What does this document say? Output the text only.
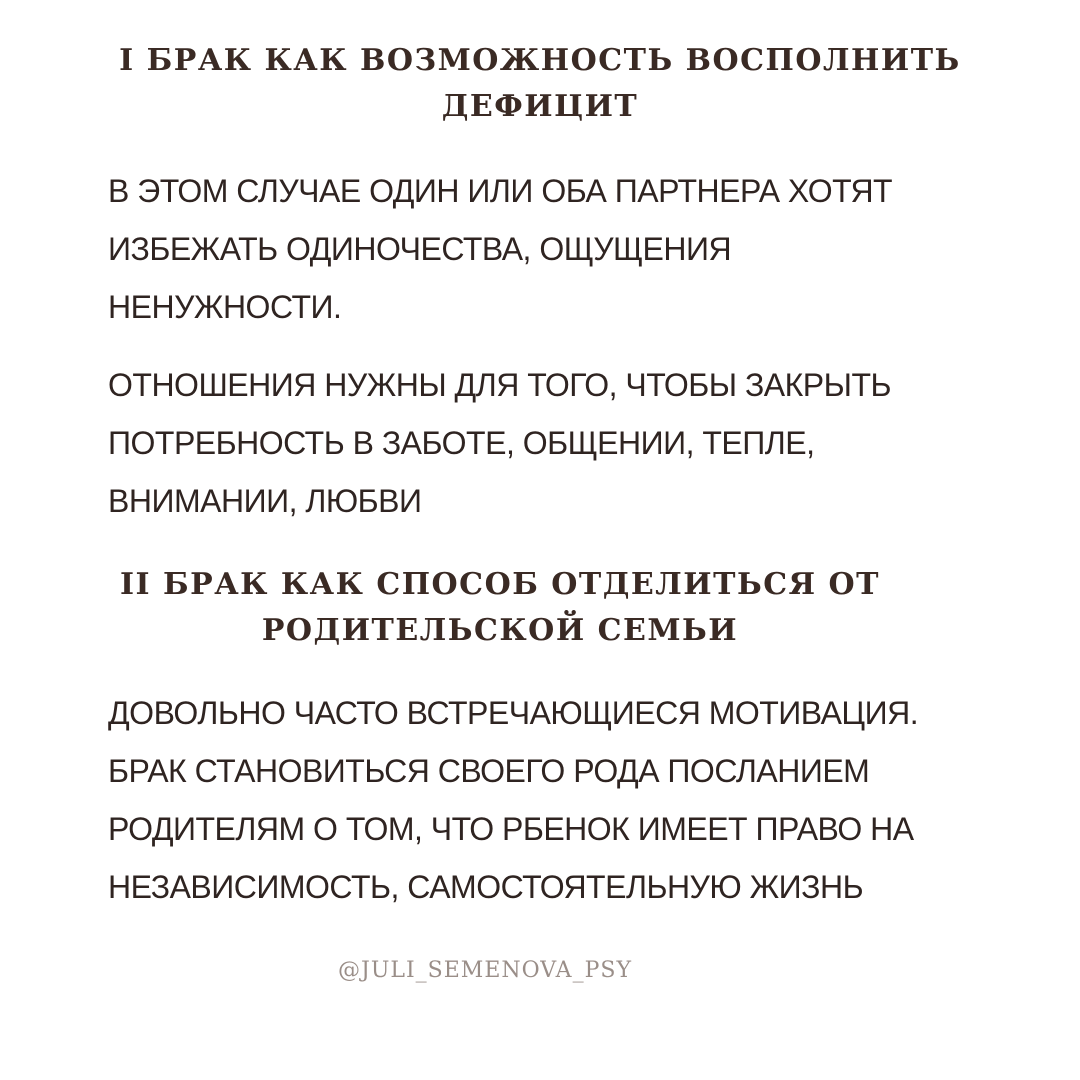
I БРАК КАК ВОЗМОЖНОСТЬ ВОСПОЛНИТЬ
ДЕФИЦИТ

В ЭТОМ СЛУЧАЕ ОДИН ИЛИ ОБА ПАРТНЕРА ХОТЯТ
ИЗБЕЖАТЬ ОДИНОЧЕСТВА, ОЩУЩЕНИЯ
НЕНУЖНОСТИ.

ОТНОШЕНИЯ НУЖНЫ ДЛЯ ТОГО, ЧТОБЫ ЗАКРЫТЬ
ПОТРЕБНОСТЬ В ЗАБОТЕ, ОБЩЕНИИ, ТЕПЛЕ,
ВНИМАНИИ, ЛЮБВИ

II БРАК КАК СПОСОБ ОТДЕЛИТЬСЯ ОТ
РОДИТЕЛЬСКОЙ СЕМЬИ

ДОВОЛЬНО ЧАСТО ВСТРЕЧАЮЩИЕСЯ МОТИВАЦИЯ.
БРАК СТАНОВИТЬСЯ СВОЕГО РОДА ПОСЛАНИЕМ
РОДИТЕЛЯМ О ТОМ, ЧТО РБЕНОК ИМЕЕТ ПРАВО НА
НЕЗАВИСИМОСТЬ, САМОСТОЯТЕЛЬНУЮ ЖИЗНЬ

@JULI_SEMENOVA_PSY
